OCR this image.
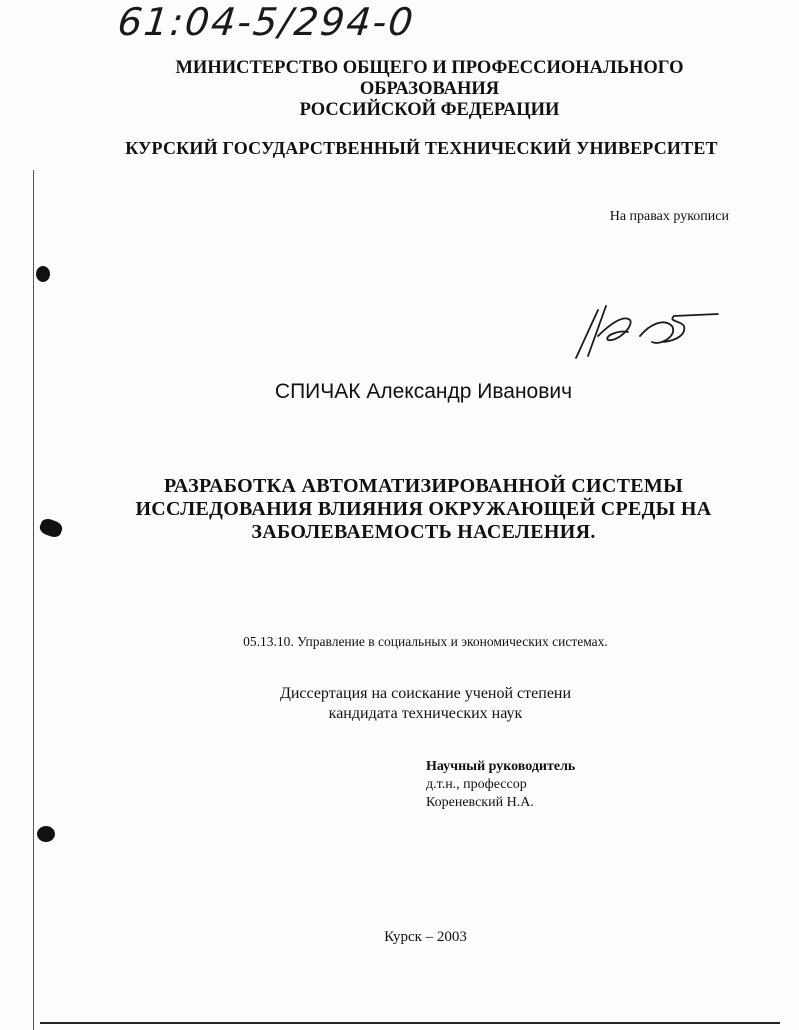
61:04-5/294-0
МИНИСТЕРСТВО ОБЩЕГО И ПРОФЕССИОНАЛЬНОГО
ОБРАЗОВАНИЯ
РОССИЙСКОЙ ФЕДЕРАЦИИ
КУРСКИЙ ГОСУДАРСТВЕННЫЙ ТЕХНИЧЕСКИЙ УНИВЕРСИТЕТ
На правах рукописи
СПИЧАК Александр Иванович
РАЗРАБОТКА АВТОМАТИЗИРОВАННОЙ СИСТЕМЫ
ИССЛЕДОВАНИЯ ВЛИЯНИЯ ОКРУЖАЮЩЕЙ СРЕДЫ НА
ЗАБОЛЕВАЕМОСТЬ НАСЕЛЕНИЯ.
05.13.10. Управление в социальных и экономических системах.
Диссертация на соискание ученой степени
кандидата технических наук
Научный руководитель
д.т.н., профессор
Кореневский Н.А.
Курск – 2003
